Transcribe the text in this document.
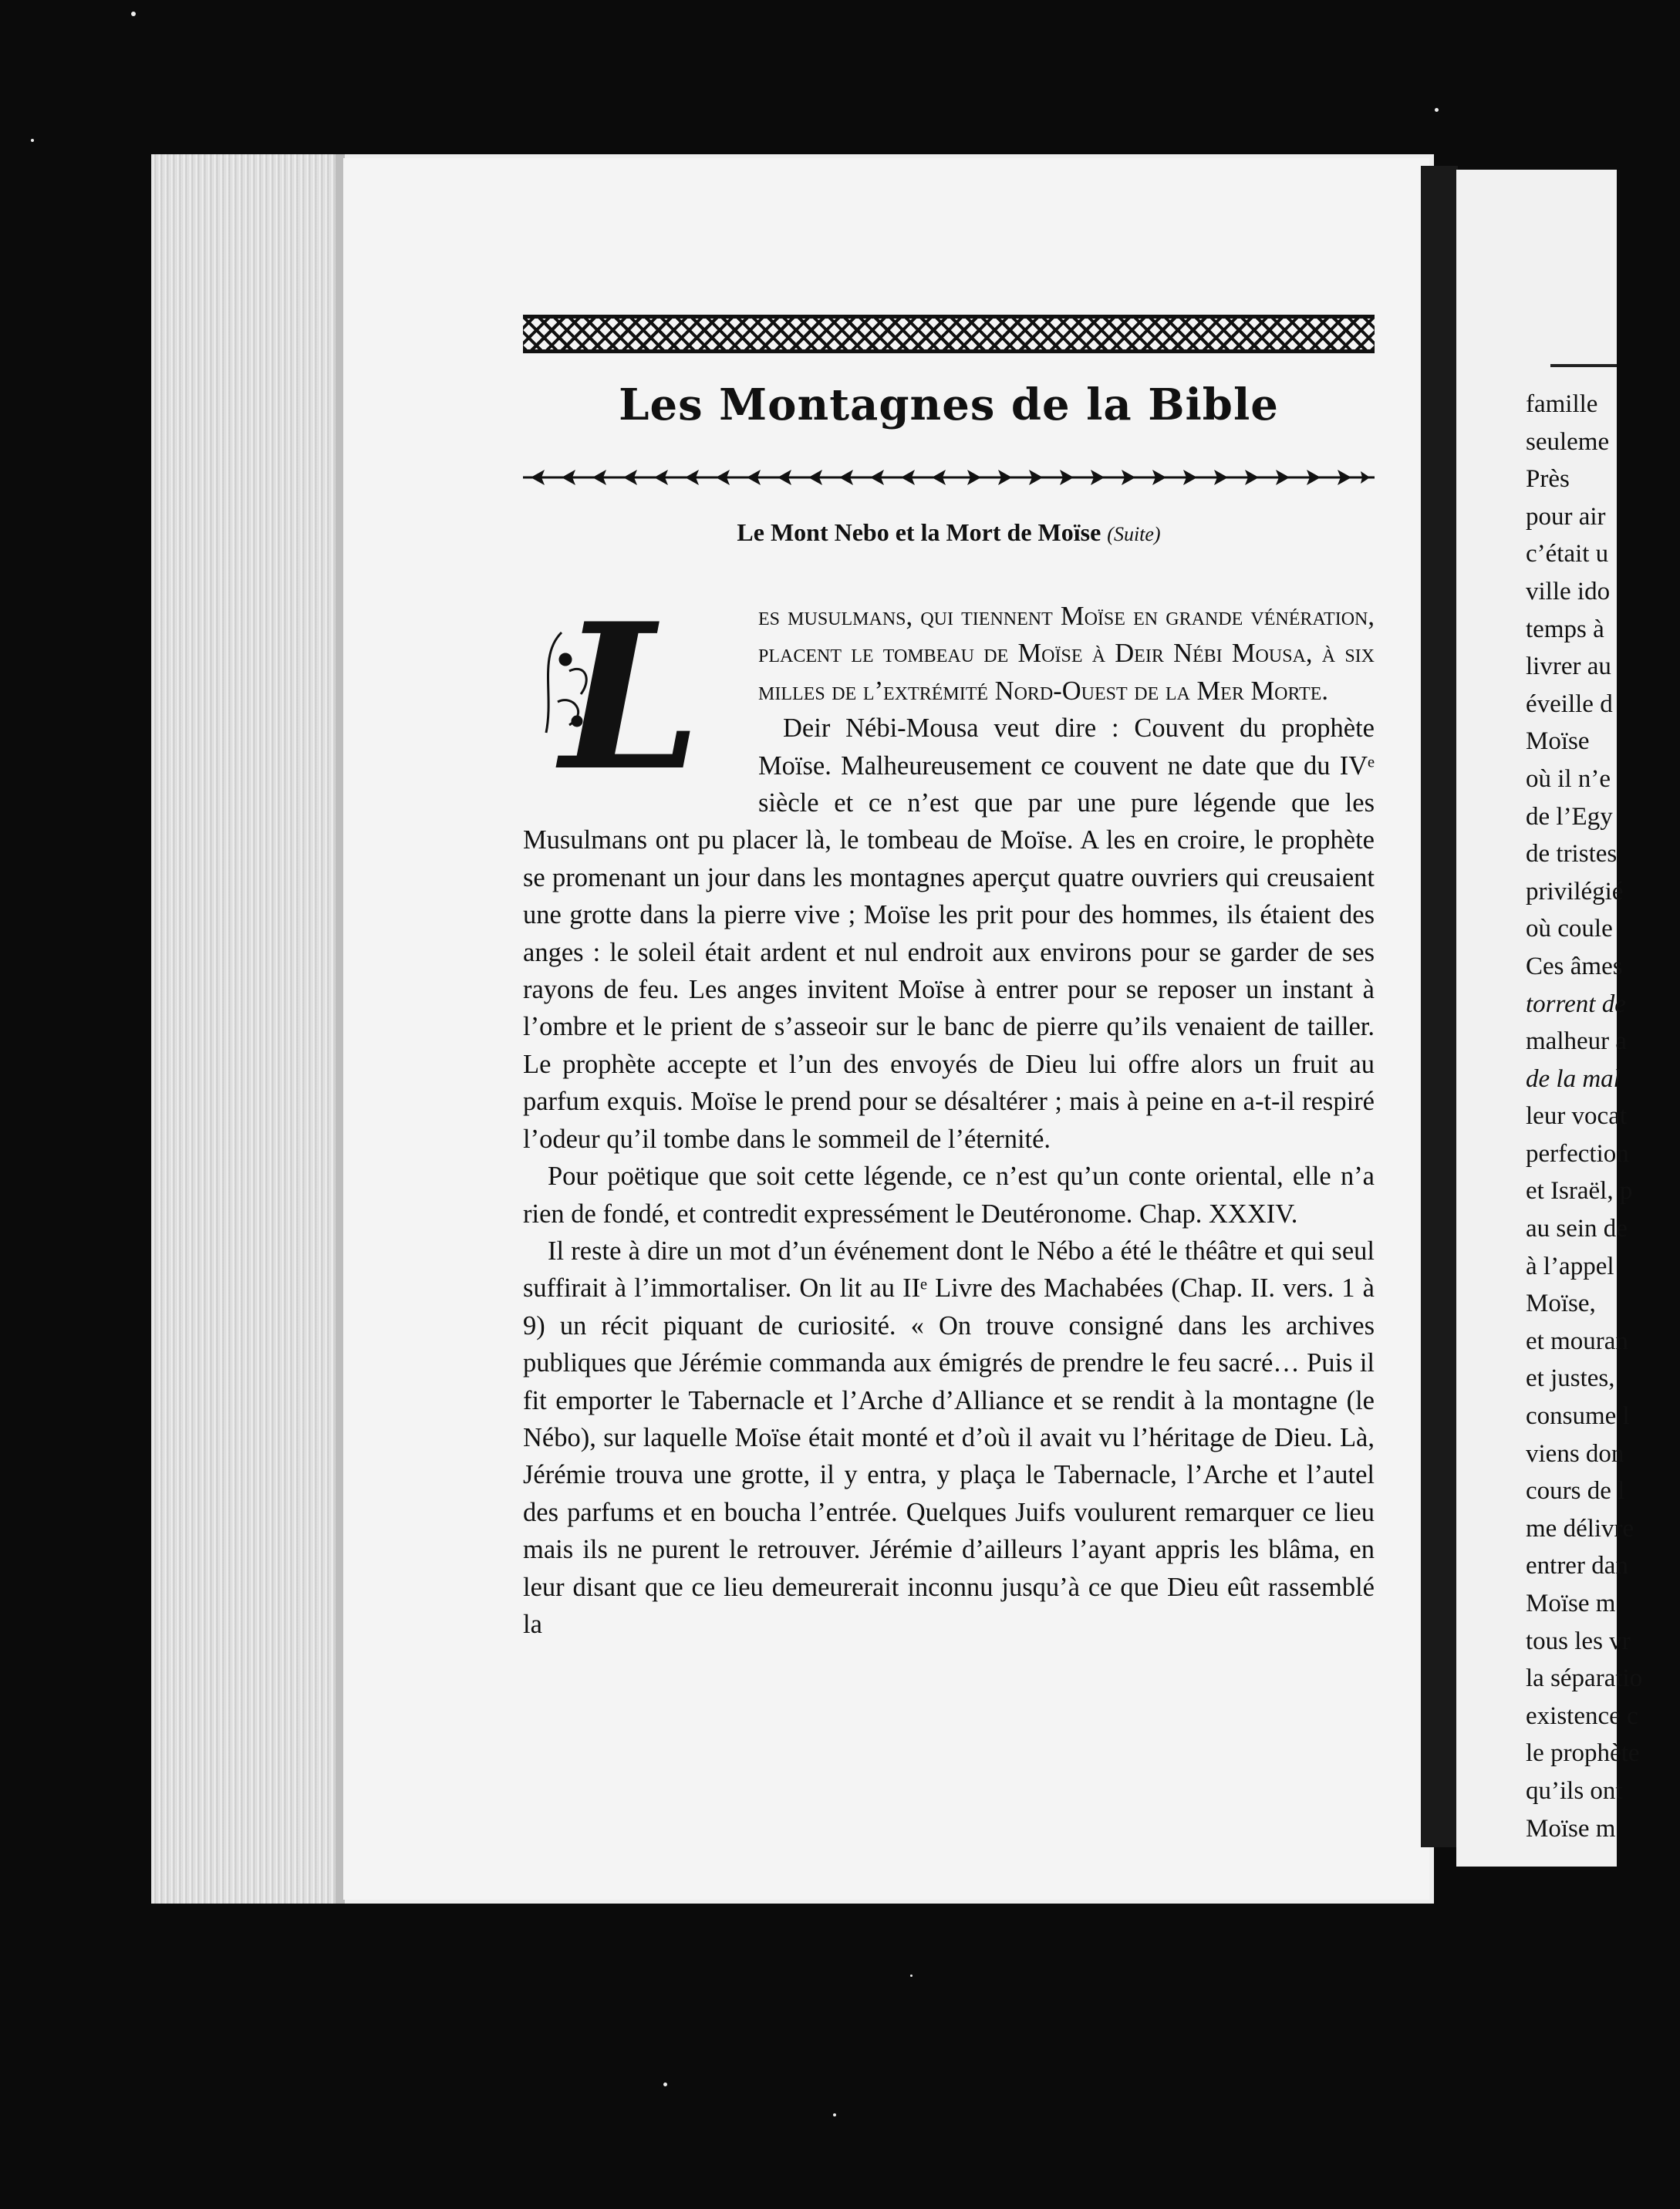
Les Montagnes de la Bible
Le Mont Nebo et la Mort de Moïse (Suite)

es musulmans, qui tiennent Moïse en grande vénération, placent le tombeau de Moïse à Deir Nébi Mousa, à six milles de l’extrémité Nord-Ouest de la Mer Morte.

Deir Nébi-Mousa veut dire : Couvent du prophète Moïse. Malheureusement ce couvent ne date que du IVᵉ siècle et ce n’est que par une pure légende que les Musulmans ont pu placer là, le tombeau de Moïse. A les en croire, le prophète se promenant un jour dans les montagnes aperçut quatre ouvriers qui creusaient une grotte dans la pierre vive ; Moïse les prit pour des hommes, ils étaient des anges : le soleil était ardent et nul endroit aux environs pour se garder de ses rayons de feu. Les anges invitent Moïse à entrer pour se reposer un instant à l’ombre et le prient de s’asseoir sur le banc de pierre qu’ils venaient de tailler. Le prophète accepte et l’un des envoyés de Dieu lui offre alors un fruit au parfum exquis. Moïse le prend pour se désaltérer ; mais à peine en a-t-il respiré l’odeur qu’il tombe dans le sommeil de l’éternité.

Pour poëtique que soit cette légende, ce n’est qu’un conte oriental, elle n’a rien de fondé, et contredit expressément le Deutéronome. Chap. XXXIV.

Il reste à dire un mot d’un événement dont le Nébo a été le théâtre et qui seul suffirait à l’immortaliser. On lit au IIᵉ Livre des Machabées (Chap. II. vers. 1 à 9) un récit piquant de curiosité. « On trouve consigné dans les archives publiques que Jérémie commanda aux émigrés de prendre le feu sacré… Puis il fit emporter le Tabernacle et l’Arche d’Alliance et se rendit à la montagne (le Nébo), sur laquelle Moïse était monté et d’où il avait vu l’héritage de Dieu. Là, Jérémie trouva une grotte, il y entra, y plaça le Tabernacle, l’Arche et l’autel des parfums et en boucha l’entrée. Quelques Juifs voulurent remarquer ce lieu mais ils ne purent le retrouver. Jérémie d’ailleurs l’ayant appris les blâma, en leur disant que ce lieu demeurerait inconnu jusqu’à ce que Dieu eût rassemblé la

L
famille
seuleme
Près
pour air
c’était u
ville ido
temps à
livrer au
éveille d
Moïse
où il n’e
de l’Egy
de tristes
privilégié
où coule
Ces âmes
torrent de
malheur a
de la mal
leur vocat
perfection
et Israël, p
au sein de
à l’appel
Moïse,
et mouran
et justes,
consume l
viens don
cours de l
me délivre
entrer dan
Moïse m
tous les vr
la séparatio
existence c
le prophète
qu’ils ont
Moïse m
